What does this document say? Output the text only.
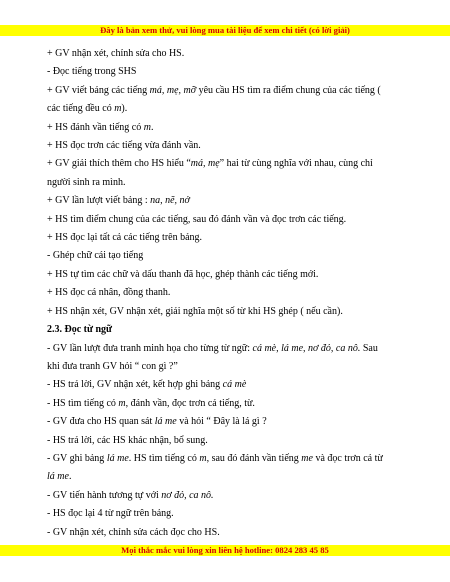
Đây là bản xem thử, vui lòng mua tài liệu để xem chi tiết (có lời giải)
+ GV nhận xét, chỉnh sửa cho HS.
- Đọc tiếng trong SHS
+ GV viết bảng các tiếng má, mẹ, mỡ yêu cầu HS tìm ra điểm chung của các tiếng (
các tiếng đều có m).
+ HS đánh vần tiếng có m.
+ HS đọc trơn các tiếng vừa đánh vần.
+ GV giải thích thêm cho HS hiểu “má, mẹ” hai từ cùng nghĩa với nhau, cùng chỉ
người sinh ra mình.
+ GV lần lượt viết bảng : na, nẽ, nở
+ HS tìm điểm chung của các tiếng, sau đó đánh vần và đọc trơn các tiếng.
+ HS đọc lại tất cả các tiếng trên bảng.
- Ghép chữ cái tạo tiếng
+ HS tự tìm các chữ và dấu thanh đã học, ghép thành các tiếng mới.
+ HS đọc cá nhân, đồng thanh.
+ HS nhận xét, GV nhận xét, giải nghĩa một số từ khi HS ghép ( nếu cần).
2.3. Đọc từ ngữ
- GV lần lượt đưa tranh minh họa cho từng từ ngữ: cá mè, lá me, nơ đỏ, ca nô. Sau
khi đưa tranh GV hỏi “ con gì ?”
- HS trả lời, GV nhận xét, kết hợp ghi bảng cá mè
- HS tìm tiếng có m, đánh vần, đọc trơn cả tiếng, từ.
- GV đưa cho HS quan sát lá me và hỏi “ Đây là lá gì ?
- HS trả lời, các HS khác nhận, bổ sung.
- GV ghi bảng lá me. HS tìm tiếng có m, sau đó đánh vần tiếng me và đọc trơn cả từ
lá me.
- GV tiến hành tương tự với nơ đỏ, ca nô.
- HS đọc lại 4 từ ngữ trên bảng.
- GV nhận xét, chỉnh sửa cách đọc cho HS.
Mọi thắc mắc vui lòng xin liên hệ hotline: 0824 283 45 85
